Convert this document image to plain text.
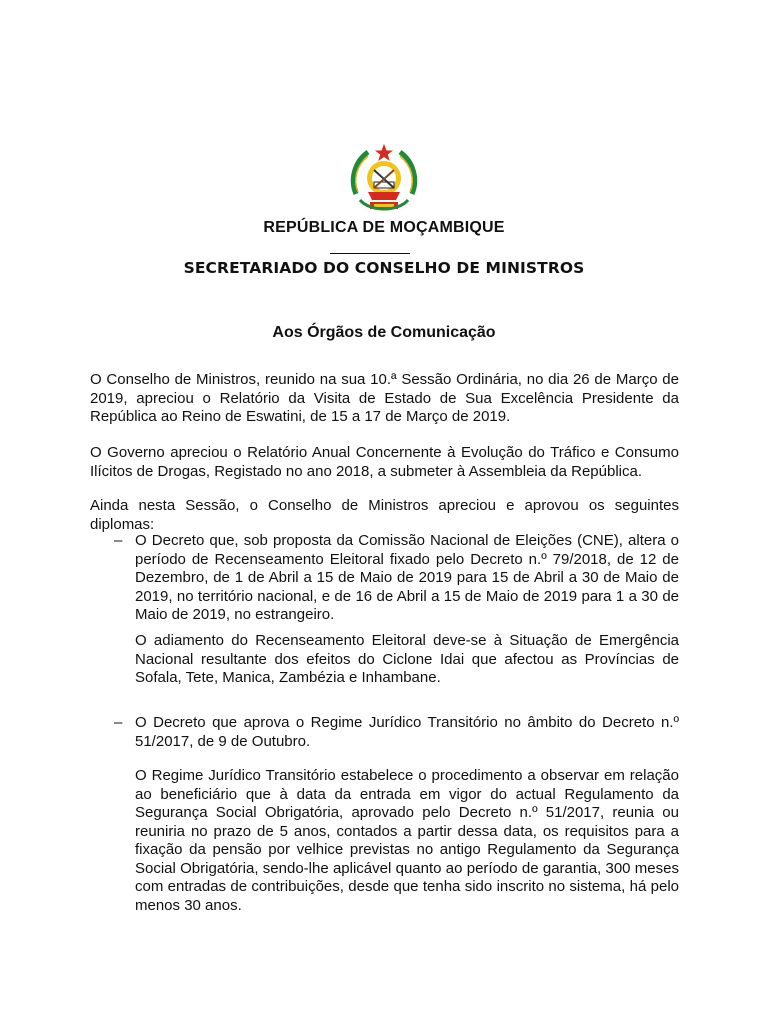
REPÚBLICA DE MOÇAMBIQUE
SECRETARIADO DO CONSELHO DE MINISTROS
Aos Órgãos de Comunicação

O Conselho de Ministros, reunido na sua 10.ª Sessão Ordinária, no dia 26 de Março de 2019, apreciou o Relatório da Visita de Estado de Sua Excelência Presidente da República ao Reino de Eswatini, de 15 a 17 de Março de 2019.

O Governo apreciou o Relatório Anual Concernente à Evolução do Tráfico e Consumo Ilícitos de Drogas, Registado no ano 2018, a submeter à Assembleia da República.

Ainda nesta Sessão, o Conselho de Ministros apreciou e aprovou os seguintes diplomas:

– O Decreto que, sob proposta da Comissão Nacional de Eleições (CNE), altera o período de Recenseamento Eleitoral fixado pelo Decreto n.º 79/2018, de 12 de Dezembro, de 1 de Abril a 15 de Maio de 2019 para 15 de Abril a 30 de Maio de 2019, no território nacional, e de 16 de Abril a 15 de Maio de 2019 para 1 a 30 de Maio de 2019, no estrangeiro.

O adiamento do Recenseamento Eleitoral deve-se à Situação de Emergência Nacional resultante dos efeitos do Ciclone Idai que afectou as Províncias de Sofala, Tete, Manica, Zambézia e Inhambane.

– O Decreto que aprova o Regime Jurídico Transitório no âmbito do Decreto n.º 51/2017, de 9 de Outubro.

O Regime Jurídico Transitório estabelece o procedimento a observar em relação ao beneficiário que à data da entrada em vigor do actual Regulamento da Segurança Social Obrigatória, aprovado pelo Decreto n.º 51/2017, reunia ou reuniria no prazo de 5 anos, contados a partir dessa data, os requisitos para a fixação da pensão por velhice previstas no antigo Regulamento da Segurança Social Obrigatória, sendo-lhe aplicável quanto ao período de garantia, 300 meses com entradas de contribuições, desde que tenha sido inscrito no sistema, há pelo menos 30 anos.
